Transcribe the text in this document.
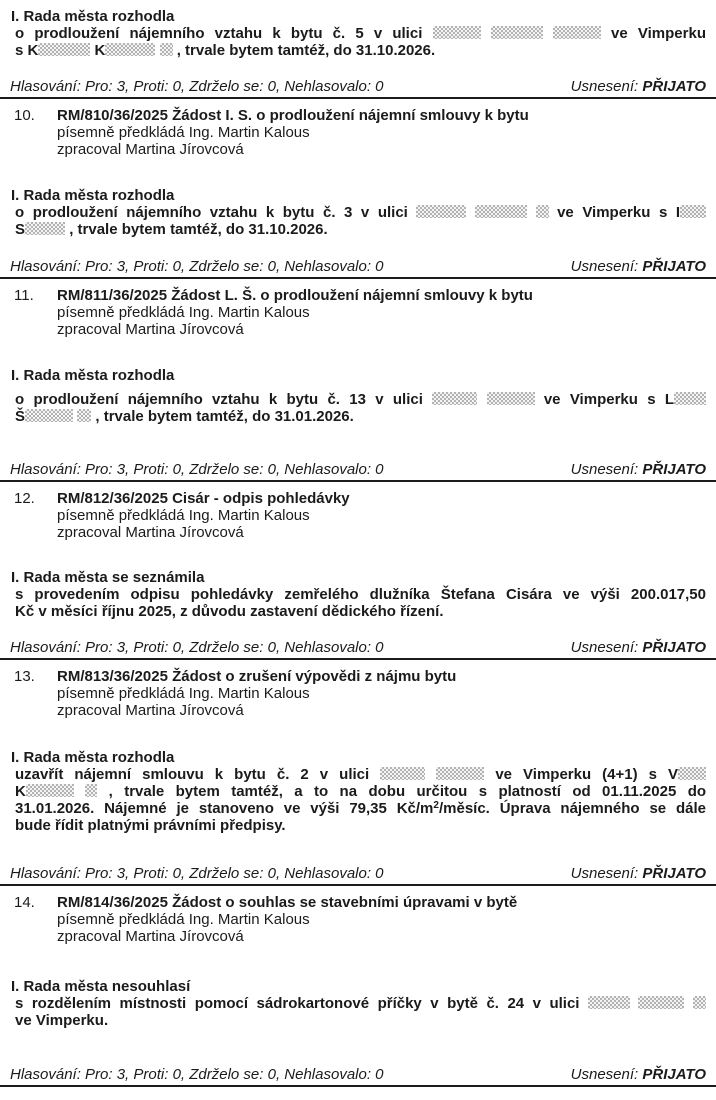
I. Rada města rozhodla
o prodloužení nájemního vztahu k bytu č. 5 v ulici	ve Vimperku
s K	K	, trvale bytem tamtéž, do 31.10.2026.
Hlasování: Pro: 3, Proti: 0, Zdrželo se: 0, Nehlasovalo: 0	Usnesení: PŘIJATO
10.	RM/810/36/2025 Žádost I. S. o prodloužení nájemní smlouvy k bytu
písemně předkládá Ing. Martin Kalous
zpracoval Martina Jírovcová
I. Rada města rozhodla
o prodloužení nájemního vztahu k bytu č. 3 v ulici	ve Vimperku s I
S	, trvale bytem tamtéž, do 31.10.2026.
Hlasování: Pro: 3, Proti: 0, Zdrželo se: 0, Nehlasovalo: 0	Usnesení: PŘIJATO
11.	RM/811/36/2025 Žádost L. Š. o prodloužení nájemní smlouvy k bytu
písemně předkládá Ing. Martin Kalous
zpracoval Martina Jírovcová
I. Rada města rozhodla
o prodloužení nájemního vztahu k bytu č. 13 v ulici	ve Vimperku s L
Š	, trvale bytem tamtéž, do 31.01.2026.
Hlasování: Pro: 3, Proti: 0, Zdrželo se: 0, Nehlasovalo: 0	Usnesení: PŘIJATO
12.	RM/812/36/2025 Cisár - odpis pohledávky
písemně předkládá Ing. Martin Kalous
zpracoval Martina Jírovcová
I. Rada města se seznámila
s provedením odpisu pohledávky zemřelého dlužníka Štefana Cisára ve výši 200.017,50
Kč v měsíci říjnu 2025, z důvodu zastavení dědického řízení.
Hlasování: Pro: 3, Proti: 0, Zdrželo se: 0, Nehlasovalo: 0	Usnesení: PŘIJATO
13.	RM/813/36/2025 Žádost o zrušení výpovědi z nájmu bytu
písemně předkládá Ing. Martin Kalous
zpracoval Martina Jírovcová
I. Rada města rozhodla
uzavřít nájemní smlouvu k bytu č. 2 v ulici	ve Vimperku (4+1) s V
K	, trvale bytem tamtéž, a to na dobu určitou s platností od 01.11.2025 do
31.01.2026. Nájemné je stanoveno ve výši 79,35 $Kč/m^2$/měsíc. Úprava nájemného se dále
bude řídit platnými právními předpisy.
Hlasování: Pro: 3, Proti: 0, Zdrželo se: 0, Nehlasovalo: 0	Usnesení: PŘIJATO
14.	RM/814/36/2025 Žádost o souhlas se stavebními úpravami v bytě
písemně předkládá Ing. Martin Kalous
zpracoval Martina Jírovcová
I. Rada města nesouhlasí
s rozdělením místnosti pomocí sádrokartonové příčky v bytě č. 24 v ulici
ve Vimperku.
Hlasování: Pro: 3, Proti: 0, Zdrželo se: 0, Nehlasovalo: 0	Usnesení: PŘIJATO
